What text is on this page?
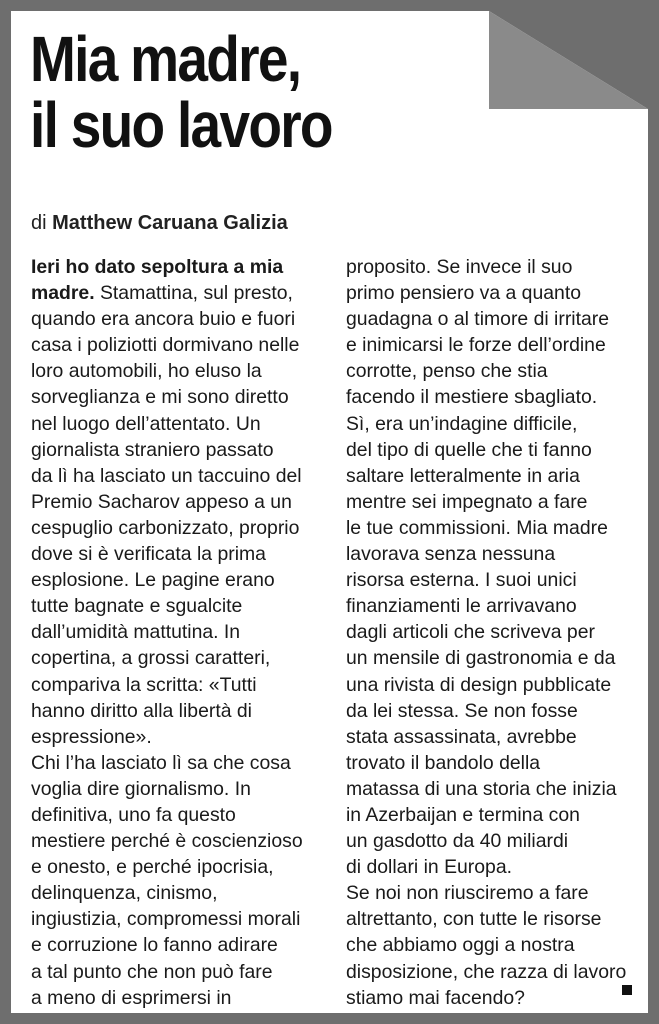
Mia madre,
il suo lavoro
di Matthew Caruana Galizia
Ieri ho dato sepoltura a mia
madre. Stamattina, sul presto,
quando era ancora buio e fuori
casa i poliziotti dormivano nelle
loro automobili, ho eluso la
sorveglianza e mi sono diretto
nel luogo dell’attentato. Un
giornalista straniero passato
da lì ha lasciato un taccuino del
Premio Sacharov appeso a un
cespuglio carbonizzato, proprio
dove si è verificata la prima
esplosione. Le pagine erano
tutte bagnate e sgualcite
dall’umidità mattutina. In
copertina, a grossi caratteri,
compariva la scritta: «Tutti
hanno diritto alla libertà di
espressione».
Chi l’ha lasciato lì sa che cosa
voglia dire giornalismo. In
definitiva, uno fa questo
mestiere perché è coscienzioso
e onesto, e perché ipocrisia,
delinquenza, cinismo,
ingiustizia, compromessi morali
e corruzione lo fanno adirare
a tal punto che non può fare
a meno di esprimersi in
proposito. Se invece il suo
primo pensiero va a quanto
guadagna o al timore di irritare
e inimicarsi le forze dell’ordine
corrotte, penso che stia
facendo il mestiere sbagliato.
Sì, era un’indagine difficile,
del tipo di quelle che ti fanno
saltare letteralmente in aria
mentre sei impegnato a fare
le tue commissioni. Mia madre
lavorava senza nessuna
risorsa esterna. I suoi unici
finanziamenti le arrivavano
dagli articoli che scriveva per
un mensile di gastronomia e da
una rivista di design pubblicate
da lei stessa. Se non fosse
stata assassinata, avrebbe
trovato il bandolo della
matassa di una storia che inizia
in Azerbaijan e termina con
un gasdotto da 40 miliardi
di dollari in Europa.
Se noi non riusciremo a fare
altrettanto, con tutte le risorse
che abbiamo oggi a nostra
disposizione, che razza di lavoro
stiamo mai facendo?
